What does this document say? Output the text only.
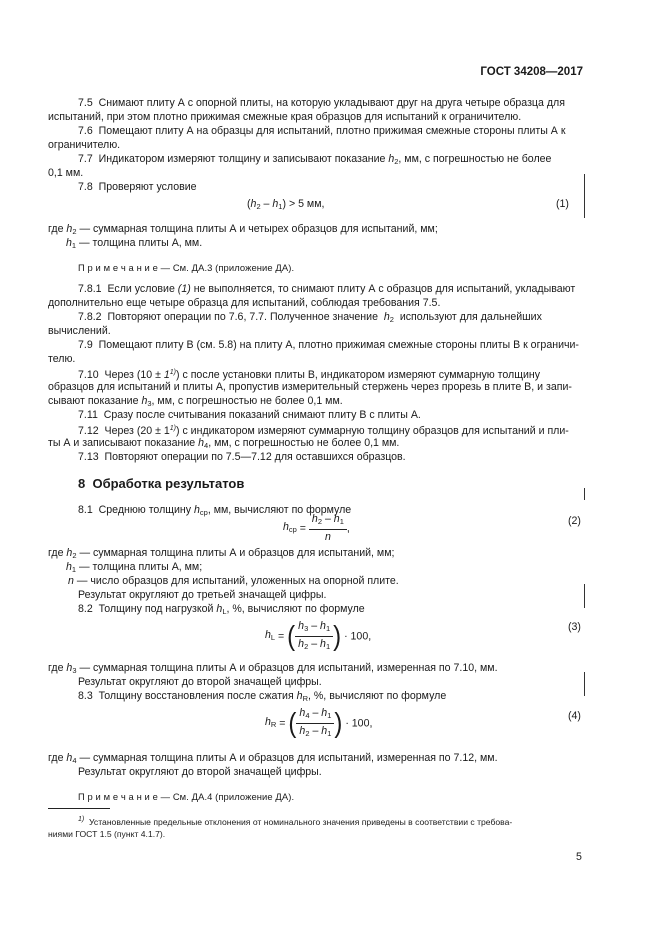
ГОСТ 34208—2017
7.5 Снимают плиту А с опорной плиты, на которую укладывают друг на друга четыре образца для
испытаний, при этом плотно прижимая смежные края образцов для испытаний к ограничителю.
7.6 Помещают плиту А на образцы для испытаний, плотно прижимая смежные стороны плиты А к
ограничителю.
7.7 Индикатором измеряют толщину и записывают показание $h_2$, мм, с погрешностью не более
0,1 мм.
7.8 Проверяют условие
$(h_2 - h_1) > 5$ мм,	(1)
где $h_2$ — суммарная толщина плиты А и четырех образцов для испытаний, мм;
$h_1$ — толщина плиты А, мм.
П р и м е ч а н и е — См. ДА.3 (приложение ДА).
7.8.1 Если условие (1) не выполняется, то снимают плиту А с образцов для испытаний, укладывают
дополнительно еще четыре образца для испытаний, соблюдая требования 7.5.
7.8.2 Повторяют операции по 7.6, 7.7. Полученное значение $h_2$ используют для дальнейших
вычислений.
7.9 Помещают плиту В (см. 5.8) на плиту А, плотно прижимая смежные стороны плиты В к ограничи-
телю.
7.10 Через $(10 \pm 1^{1)})$ с после установки плиты В, индикатором измеряют суммарную толщину
образцов для испытаний и плиты А, пропустив измерительный стержень через прорезь в плите В, и запи-
сывают показание $h_3$, мм, с погрешностью не более 0,1 мм.
7.11 Сразу после считывания показаний снимают плиту В с плиты А.
7.12 Через $(20 \pm 1^{1)})$ с индикатором измеряют суммарную толщину образцов для испытаний и пли-
ты А и записывают показание $h_4$, мм, с погрешностью не более 0,1 мм.
7.13 Повторяют операции по 7.5—7.12 для оставшихся образцов.
8 Обработка результатов
8.1 Среднюю толщину $h_{ср}$, мм, вычисляют по формуле
$h_{ср} = \frac{h_2 - h_1}{n}$ ,
(2)
где $h_2$ — суммарная толщина плиты А и образцов для испытаний, мм;
$h_1$ — толщина плиты А, мм;
n — число образцов для испытаний, уложенных на опорной плите.
Результат округляют до третьей значащей цифры.
8.2 Толщину под нагрузкой $h_L$, %, вычисляют по формуле
$h_L$ = ( $\frac{h_3 - h_1}{h_2 - h_1}$ ) · 100,
(3)
где $h_3$ — суммарная толщина плиты А и образцов для испытаний, измеренная по 7.10, мм.
Результат округляют до второй значащей цифры.
8.3 Толщину восстановления после сжатия $h_R$, %, вычисляют по формуле
$h_R$ = ( $\frac{h_4 - h_1}{h_2 - h_1}$ ) · 100,
(4)
где $h_4$ — суммарная толщина плиты А и образцов для испытаний, измеренная по 7.12, мм.
Результат округляют до второй значащей цифры.
П р и м е ч а н и е — См. ДА.4 (приложение ДА).
$^{1)}$ Установленные предельные отклонения от номинального значения приведены в соответствии с требова-
ниями ГОСТ 1.5 (пункт 4.1.7).
5
